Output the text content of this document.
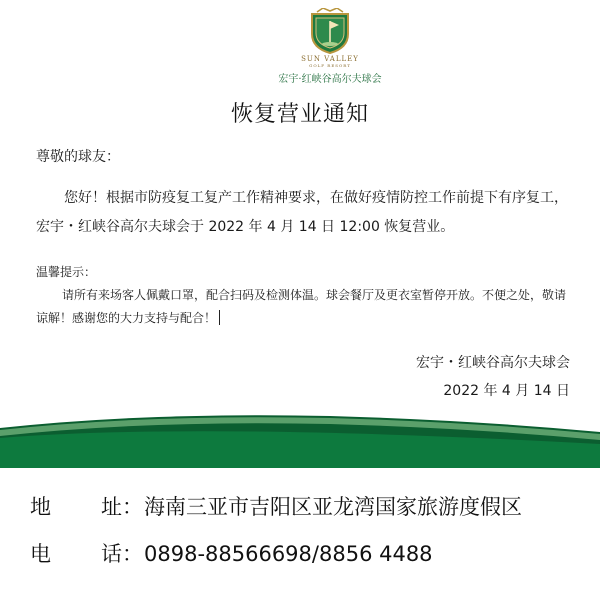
SUN VALLEY
GOLF RESORT
宏宇·红峡谷高尔夫球会
恢复营业通知
尊敬的球友：
您好！根据市防疫复工复产工作精神要求，在做好疫情防控工作前提下有序复工，宏宇・红峡谷高尔夫球会于 2022 年 4 月 14 日 12:00 恢复营业。
温馨提示：
请所有来场客人佩戴口罩，配合扫码及检测体温。球会餐厅及更衣室暂停开放。不便之处，敬请谅解！感谢您的大力支持与配合！
宏宇・红峡谷高尔夫球会
2022 年 4 月 14 日
地 址 ：海南三亚市吉阳区亚龙湾国家旅游度假区
电 话 ：0898-88566698/8856 4488
